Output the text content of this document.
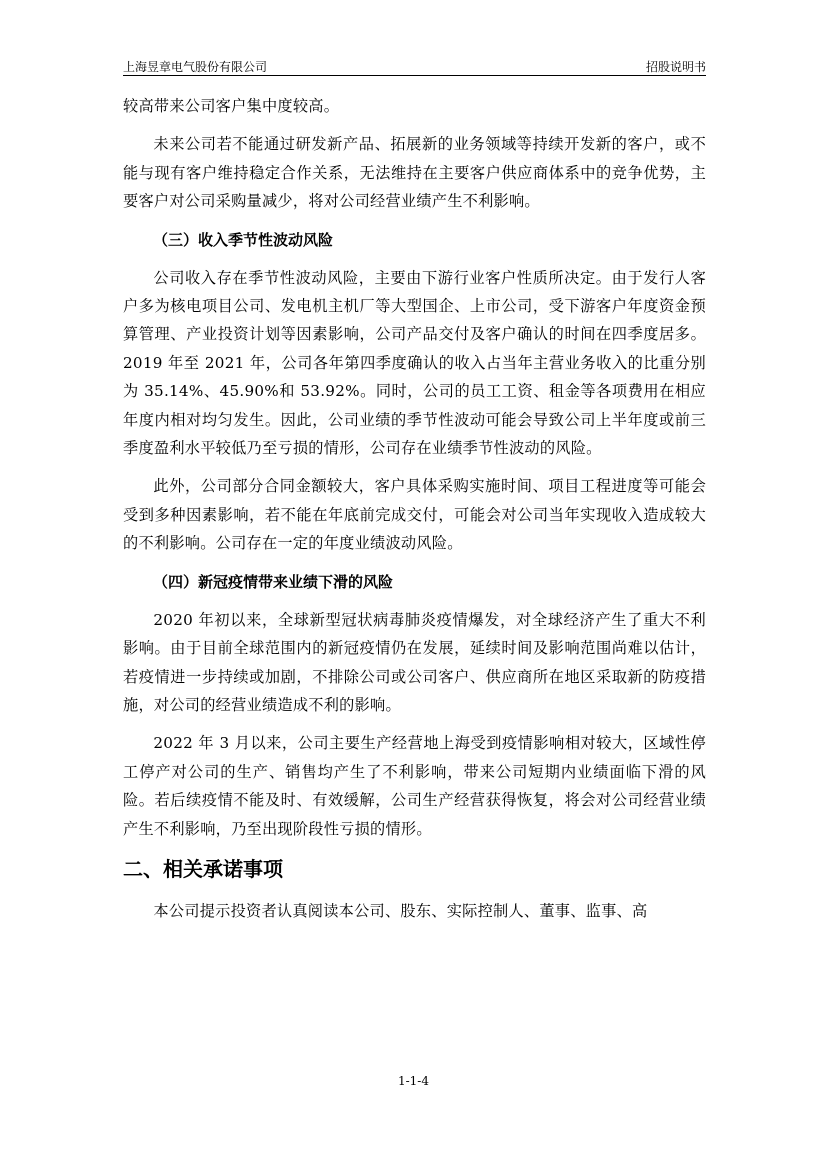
上海昱章电气股份有限公司	招股说明书

较高带来公司客户集中度较高。

未来公司若不能通过研发新产品、拓展新的业务领域等持续开发新的客户，或不能与现有客户维持稳定合作关系，无法维持在主要客户供应商体系中的竞争优势，主要客户对公司采购量减少，将对公司经营业绩产生不利影响。

（三）收入季节性波动风险

公司收入存在季节性波动风险，主要由下游行业客户性质所决定。由于发行人客户多为核电项目公司、发电机主机厂等大型国企、上市公司，受下游客户年度资金预算管理、产业投资计划等因素影响，公司产品交付及客户确认的时间在四季度居多。2019 年至 2021 年，公司各年第四季度确认的收入占当年主营业务收入的比重分别为 35.14%、45.90%和 53.92%。同时，公司的员工工资、租金等各项费用在相应年度内相对均匀发生。因此，公司业绩的季节性波动可能会导致公司上半年度或前三季度盈利水平较低乃至亏损的情形，公司存在业绩季节性波动的风险。

此外，公司部分合同金额较大，客户具体采购实施时间、项目工程进度等可能会受到多种因素影响，若不能在年底前完成交付，可能会对公司当年实现收入造成较大的不利影响。公司存在一定的年度业绩波动风险。

（四）新冠疫情带来业绩下滑的风险

2020 年初以来，全球新型冠状病毒肺炎疫情爆发，对全球经济产生了重大不利影响。由于目前全球范围内的新冠疫情仍在发展，延续时间及影响范围尚难以估计，若疫情进一步持续或加剧，不排除公司或公司客户、供应商所在地区采取新的防疫措施，对公司的经营业绩造成不利的影响。

2022 年 3 月以来，公司主要生产经营地上海受到疫情影响相对较大，区域性停工停产对公司的生产、销售均产生了不利影响，带来公司短期内业绩面临下滑的风险。若后续疫情不能及时、有效缓解，公司生产经营获得恢复，将会对公司经营业绩产生不利影响，乃至出现阶段性亏损的情形。

二、相关承诺事项

本公司提示投资者认真阅读本公司、股东、实际控制人、董事、监事、高

1-1-4
